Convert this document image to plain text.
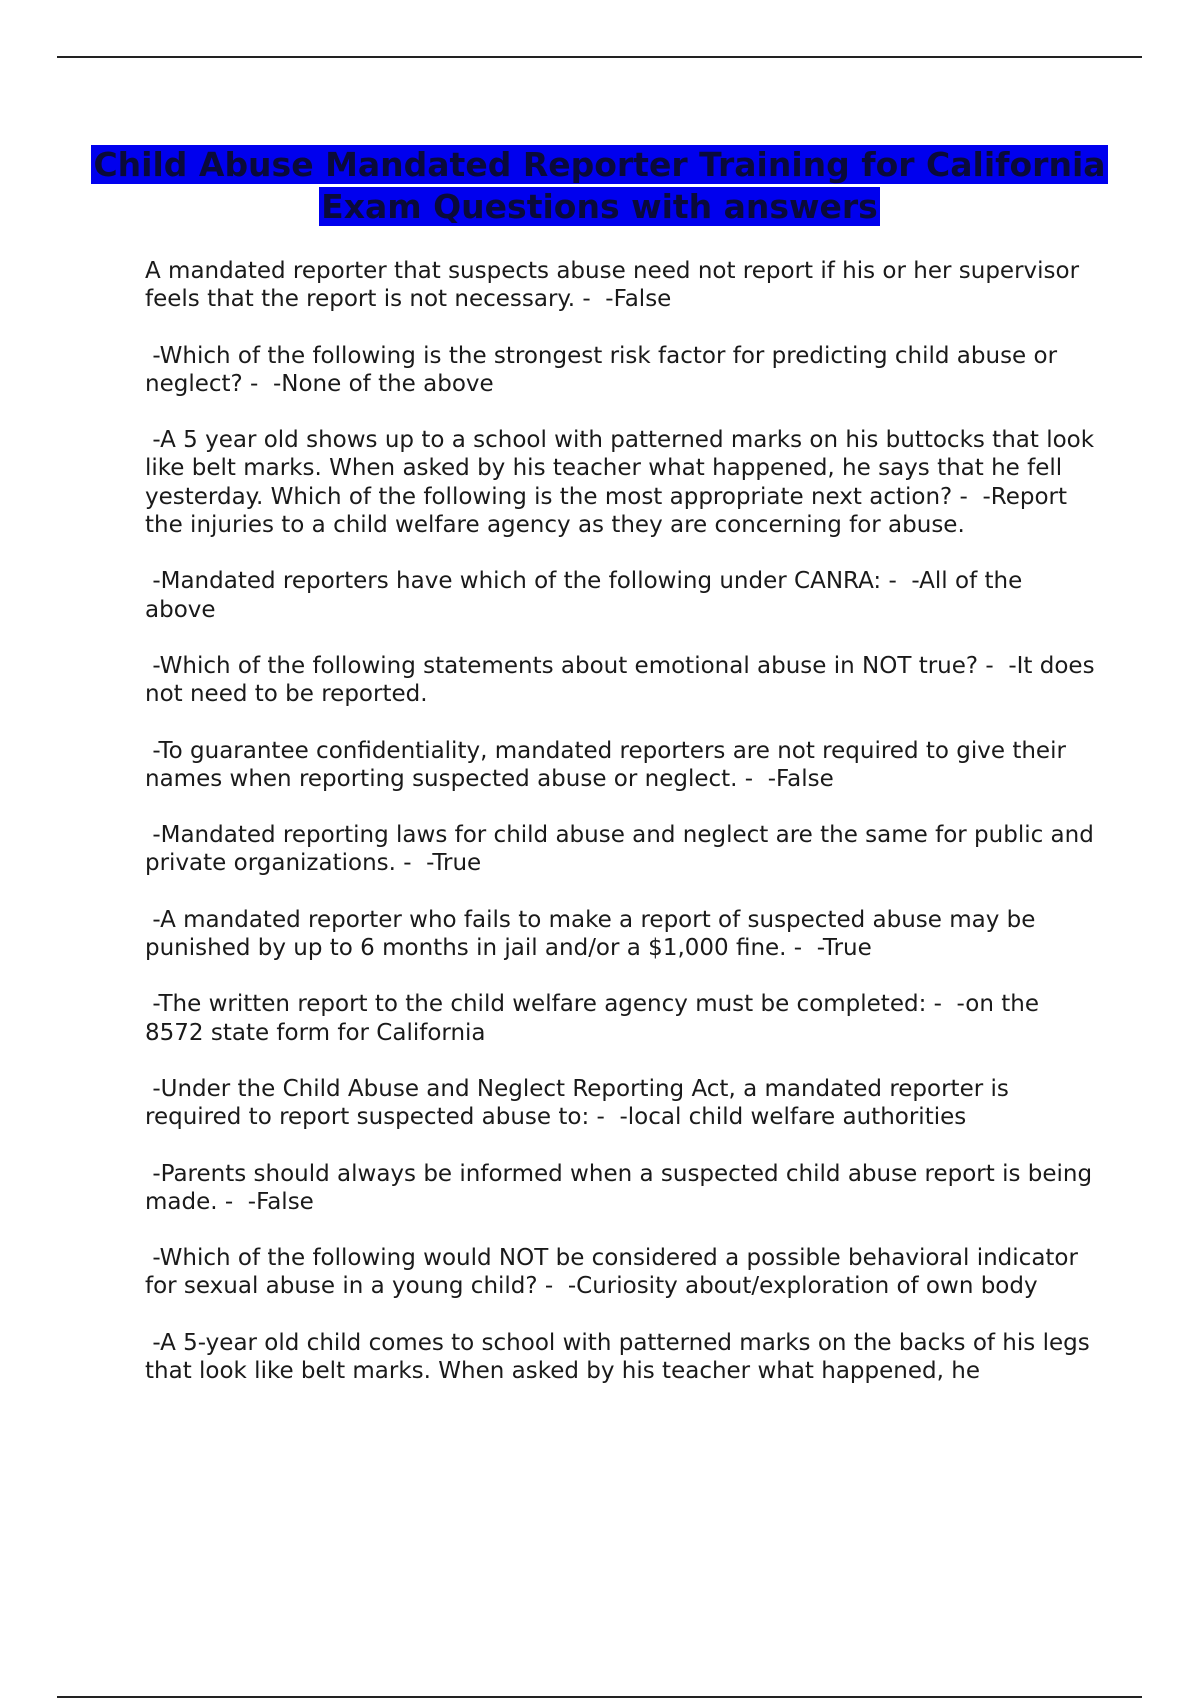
Child Abuse Mandated Reporter Training for California Exam Questions with answers
A mandated reporter that suspects abuse need not report if his or her supervisor feels that the report is not necessary. -  -False
-Which of the following is the strongest risk factor for predicting child abuse or neglect? -  -None of the above
-A 5 year old shows up to a school with patterned marks on his buttocks that look like belt marks. When asked by his teacher what happened, he says that he fell yesterday. Which of the following is the most appropriate next action? -  -Report the injuries to a child welfare agency as they are concerning for abuse.
-Mandated reporters have which of the following under CANRA: -  -All of the above
-Which of the following statements about emotional abuse in NOT true? -  -It does not need to be reported.
-To guarantee confidentiality, mandated reporters are not required to give their names when reporting suspected abuse or neglect. -  -False
-Mandated reporting laws for child abuse and neglect are the same for public and private organizations. -  -True
-A mandated reporter who fails to make a report of suspected abuse may be punished by up to 6 months in jail and/or a $1,000 fine. -  -True
-The written report to the child welfare agency must be completed: -  -on the 8572 state form for California
-Under the Child Abuse and Neglect Reporting Act, a mandated reporter is required to report suspected abuse to: -  -local child welfare authorities
-Parents should always be informed when a suspected child abuse report is being made. -  -False
-Which of the following would NOT be considered a possible behavioral indicator for sexual abuse in a young child? -  -Curiosity about/exploration of own body
-A 5-year old child comes to school with patterned marks on the backs of his legs that look like belt marks. When asked by his teacher what happened, he
